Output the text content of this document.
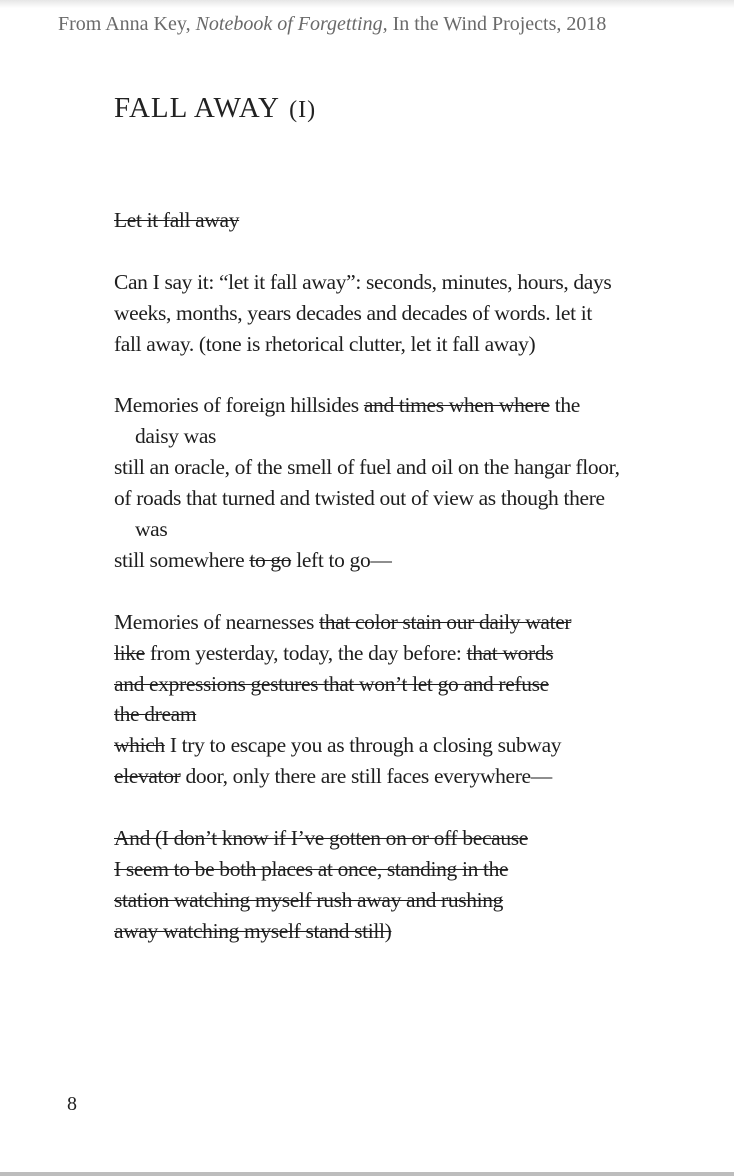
From Anna Key, Notebook of Forgetting, In the Wind Projects, 2018
FALL AWAY (I)
Let it fall away
Can I say it: “let it fall away”: seconds, minutes, hours, days
weeks, months, years decades and decades of words. let it
fall away. (tone is rhetorical clutter, let it fall away)
Memories of foreign hillsides and times when where the
daisy was
still an oracle, of the smell of fuel and oil on the hangar floor,
of roads that turned and twisted out of view as though there
was
still somewhere to go left to go—
Memories of nearnesses that color stain our daily water
like from yesterday, today, the day before: that words
and expressions gestures that won’t let go and refuse
the dream
which I try to escape you as through a closing subway
elevator door, only there are still faces everywhere—
And (I don’t know if I’ve gotten on or off because
I seem to be both places at once, standing in the
station watching myself rush away and rushing
away watching myself stand still)
8
